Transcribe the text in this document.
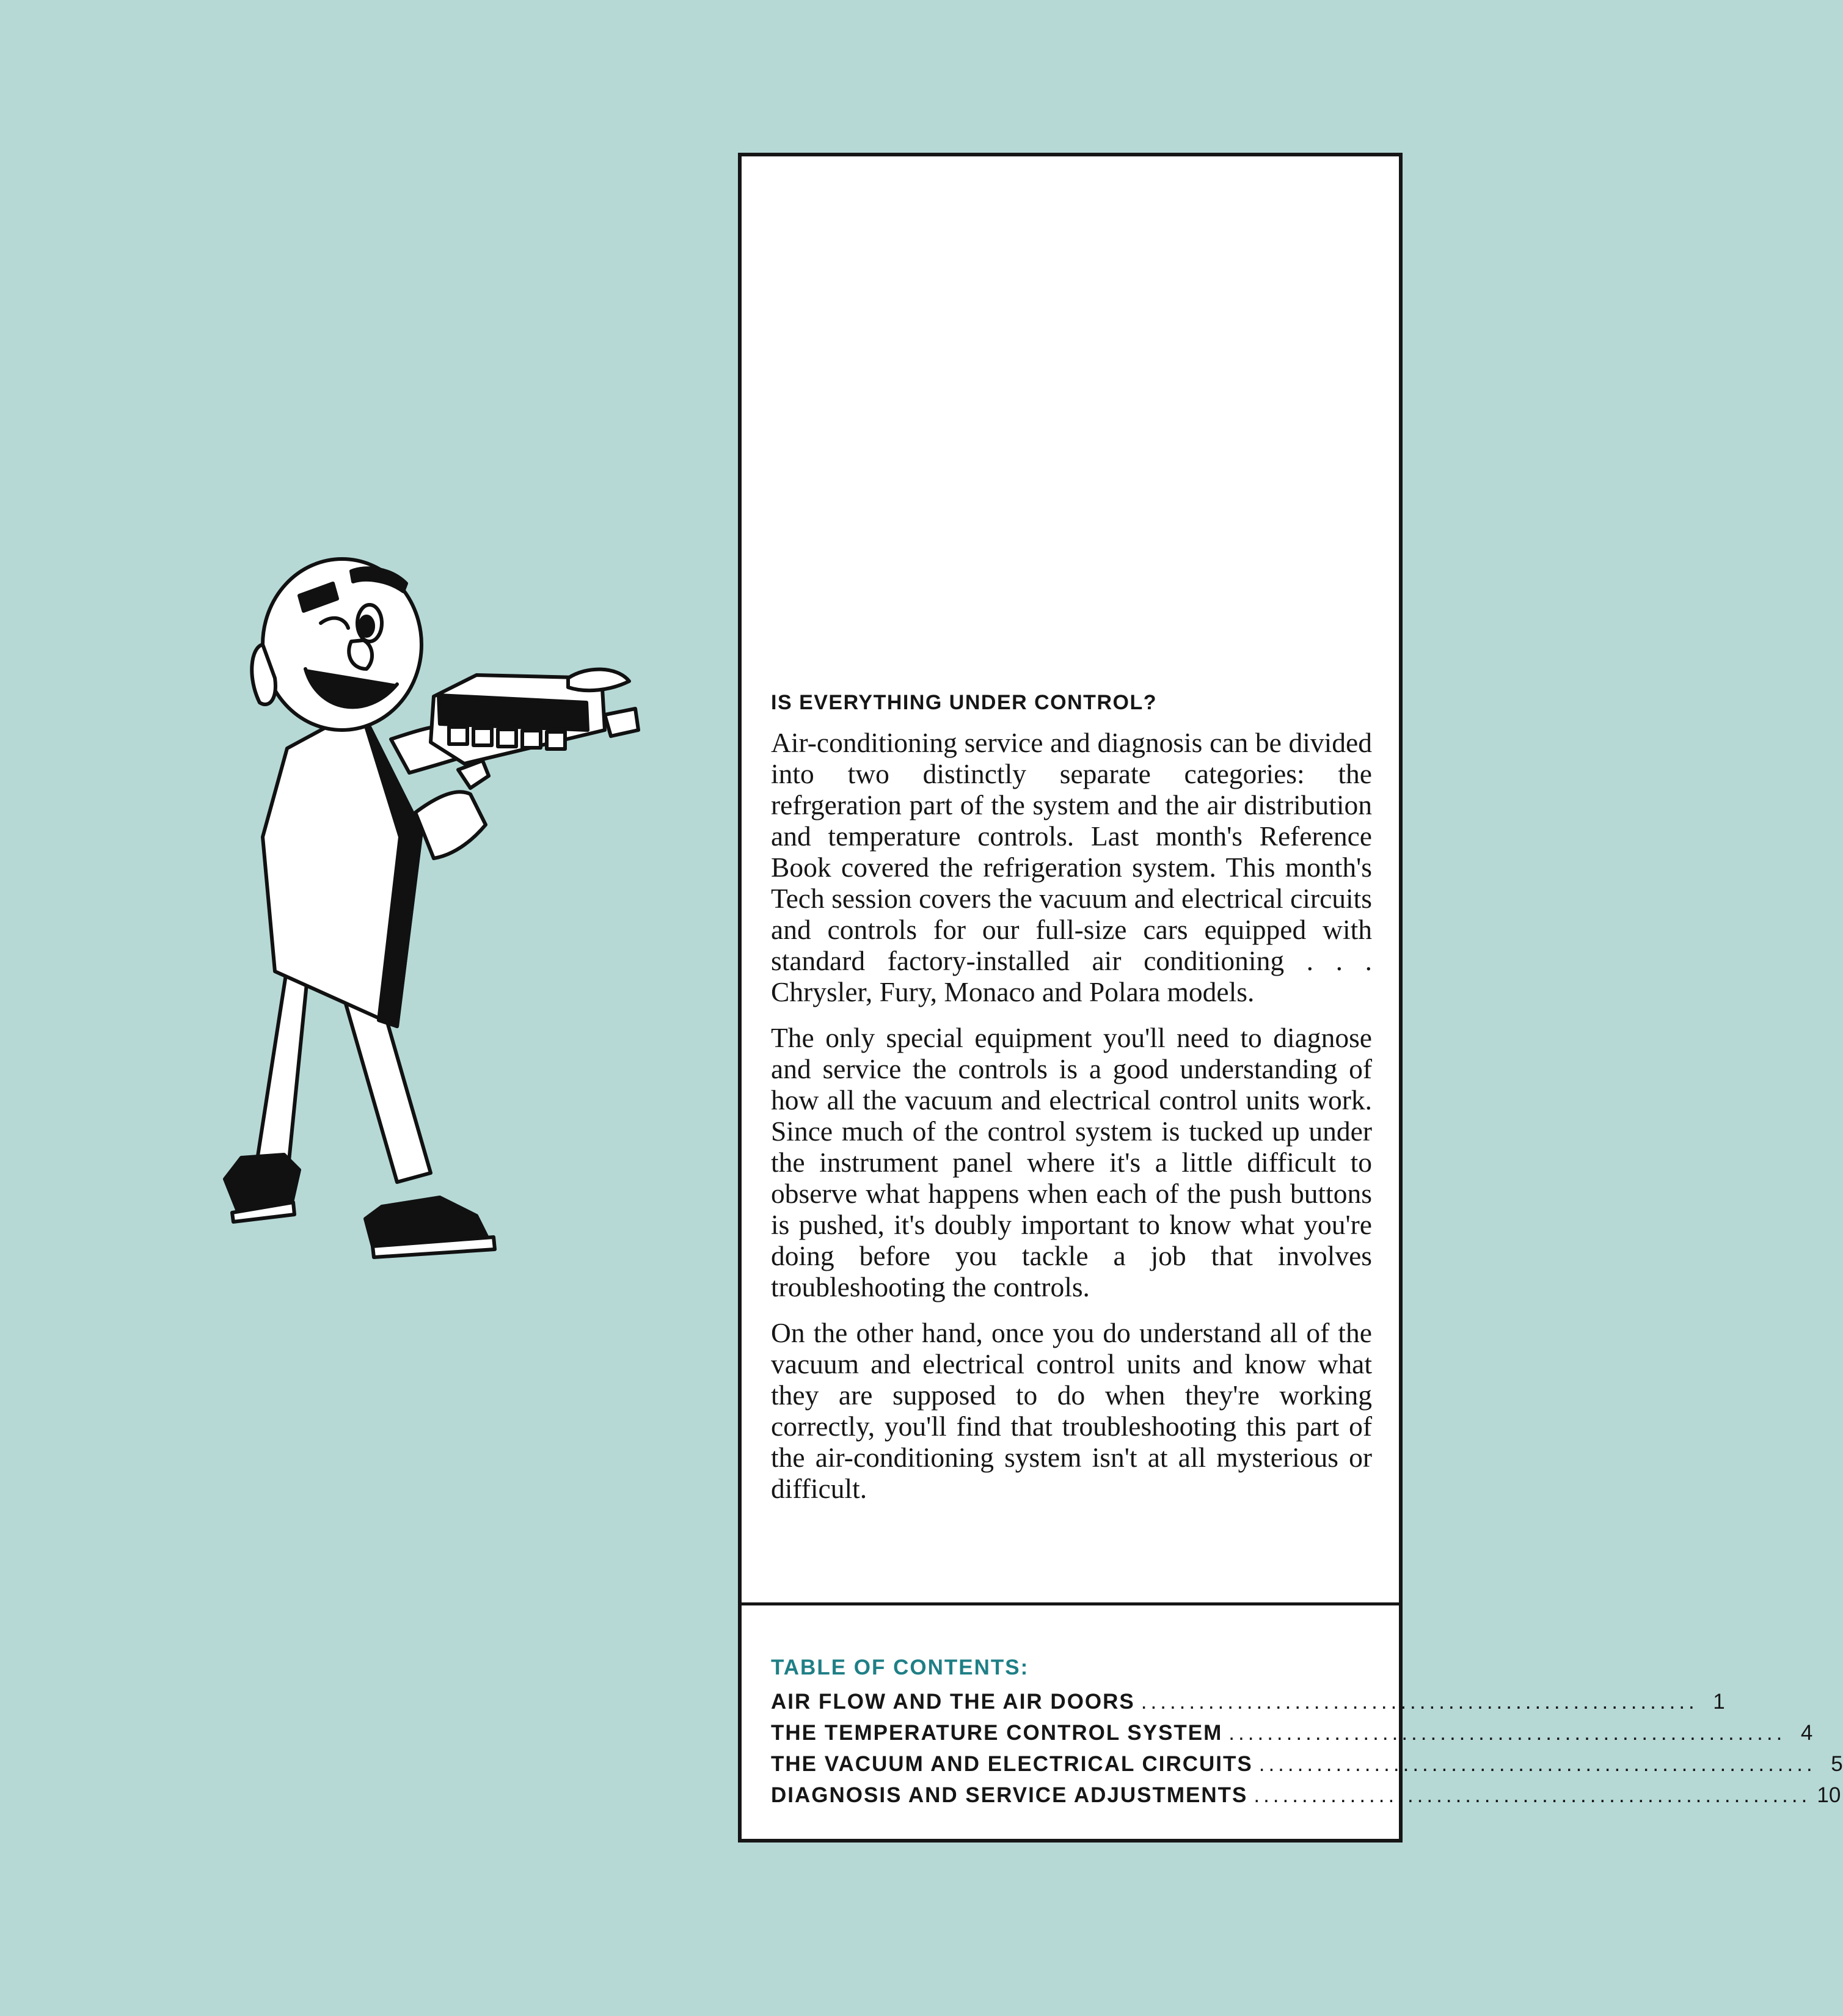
IS EVERYTHING UNDER CONTROL?

Air-conditioning service and diagnosis can be divided into two distinctly separate categories: the refrgeration part of the system and the air distribution and temperature controls. Last month's Reference Book covered the refrigeration system. This month's Tech session covers the vacuum and electrical circuits and controls for our full-size cars equipped with standard factory-installed air conditioning . . . Chrysler, Fury, Monaco and Polara models.

The only special equipment you'll need to diagnose and service the controls is a good understanding of how all the vacuum and electrical control units work. Since much of the control system is tucked up under the instrument panel where it's a little difficult to observe what happens when each of the push buttons is pushed, it's doubly important to know what you're doing before you tackle a job that involves troubleshooting the controls.

On the other hand, once you do understand all of the vacuum and electrical control units and know what they are supposed to do when they're working correctly, you'll find that troubleshooting this part of the air-conditioning system isn't at all mysterious or difficult.

TABLE OF CONTENTS:
AIR FLOW AND THE AIR DOORS .......................................................... 1
THE TEMPERATURE CONTROL SYSTEM .......................................................... 4
THE VACUUM AND ELECTRICAL CIRCUITS .......................................................... 5
DIAGNOSIS AND SERVICE ADJUSTMENTS .......................................................... 10
